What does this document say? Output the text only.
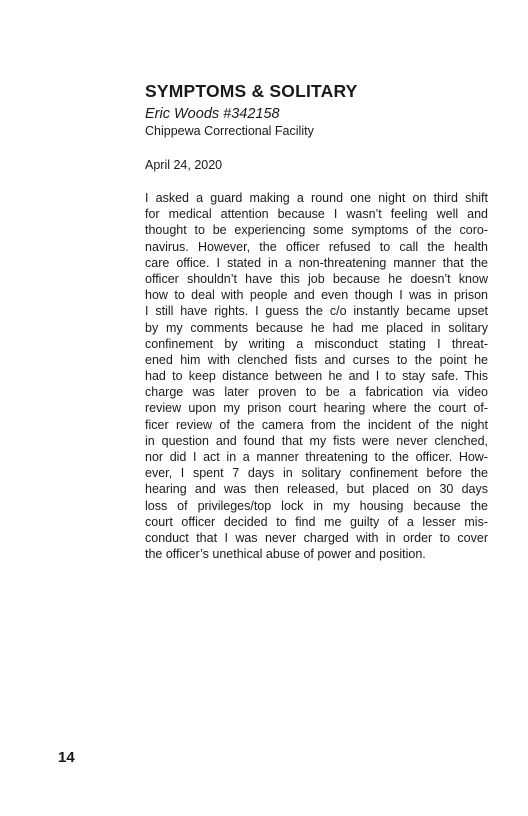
SYMPTOMS & SOLITARY
Eric Woods #342158
Chippewa Correctional Facility
April 24, 2020
I asked a guard making a round one night on third shift
for medical attention because I wasn’t feeling well and
thought to be experiencing some symptoms of the coro-
navirus. However, the officer refused to call the health
care office. I stated in a non-threatening manner that the
officer shouldn’t have this job because he doesn’t know
how to deal with people and even though I was in prison
I still have rights. I guess the c/o instantly became upset
by my comments because he had me placed in solitary
confinement by writing a misconduct stating I threat-
ened him with clenched fists and curses to the point he
had to keep distance between he and I to stay safe. This
charge was later proven to be a fabrication via video
review upon my prison court hearing where the court of-
ficer review of the camera from the incident of the night
in question and found that my fists were never clenched,
nor did I act in a manner threatening to the officer. How-
ever, I spent 7 days in solitary confinement before the
hearing and was then released, but placed on 30 days
loss of privileges/top lock in my housing because the
court officer decided to find me guilty of a lesser mis-
conduct that I was never charged with in order to cover
the officer’s unethical abuse of power and position.
14
